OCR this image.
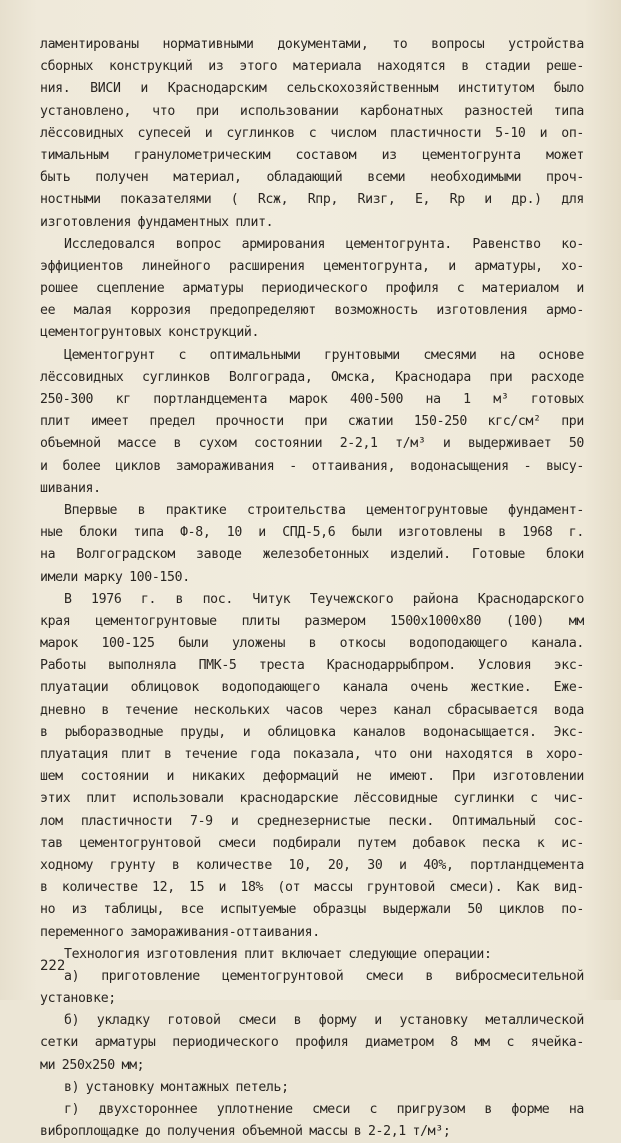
ламентированы нормативными документами, то вопросы устройства
сборных конструкций из этого материала находятся в стадии реше-
ния. ВИСИ и Краснодарским сельскохозяйственным институтом было
установлено, что при использовании карбонатных разностей типа
лёссовидных супесей и суглинков с числом пластичности 5-10 и оп-
тимальным гранулометрическим составом из цементогрунта может
быть получен материал, обладающий всеми необходимыми проч-
ностными показателями ( Rсж, Rпр, Rизг, E, Rр и др.) для
изготовления фундаментных плит.
Исследовался вопрос армирования цементогрунта. Равенство ко-
эффициентов линейного расширения цементогрунта, и арматуры, хо-
рошее сцепление арматуры периодического профиля с материалом и
ее малая коррозия предопределяют возможность изготовления армо-
цементогрунтовых конструкций.
Цементогрунт с оптимальными грунтовыми смесями на основе
лёссовидных суглинков Волгограда, Омска, Краснодара при расходе
250-300 кг портландцемента марок 400-500 на 1 м³ готовых
плит имеет предел прочности при сжатии 150-250 кгс/см² при
объемной массе в сухом состоянии 2-2,1 т/м³ и выдерживает 50
и более циклов замораживания - оттаивания, водонасыщения - высу-
шивания.
Впервые в практике строительства цементогрунтовые фундамент-
ные блоки типа Ф-8, 10 и СПД-5,6 были изготовлены в 1968 г.
на Волгоградском заводе железобетонных изделий. Готовые блоки
имели марку 100-150.
В 1976 г. в пос. Читук Теучежского района Краснодарского
края цементогрунтовые плиты размером 1500x1000x80 (100) мм
марок 100-125 были уложены в откосы водоподающего канала.
Работы выполняла ПМК-5 треста Краснодаррыбпром. Условия экс-
плуатации облицовок водоподающего канала очень жесткие. Еже-
дневно в течение нескольких часов через канал сбрасывается вода
в рыборазводные пруды, и облицовка каналов водонасыщается. Экс-
плуатация плит в течение года показала, что они находятся в хоро-
шем состоянии и никаких деформаций не имеют. При изготовлении
этих плит использовали краснодарские лёссовидные суглинки с чис-
лом пластичности 7-9 и среднезернистые пески. Оптимальный сос-
тав цементогрунтовой смеси подбирали путем добавок песка к ис-
ходному грунту в количестве 10, 20, 30 и 40%, портландцемента
в количестве 12, 15 и 18% (от массы грунтовой смеси). Как вид-
но из таблицы, все испытуемые образцы выдержали 50 циклов по-
переменного замораживания-оттаивания.
Технология изготовления плит включает следующие операции:
а) приготовление цементогрунтовой смеси в вибросмесительной
установке;
б) укладку готовой смеси в форму и установку металлической
сетки арматуры периодического профиля диаметром 8 мм с ячейка-
ми 250x250 мм;
в) установку монтажных петель;
г) двухстороннее уплотнение смеси с пригрузом в форме на
виброплощадке до получения объемной массы в 2-2,1 т/м³;
222
